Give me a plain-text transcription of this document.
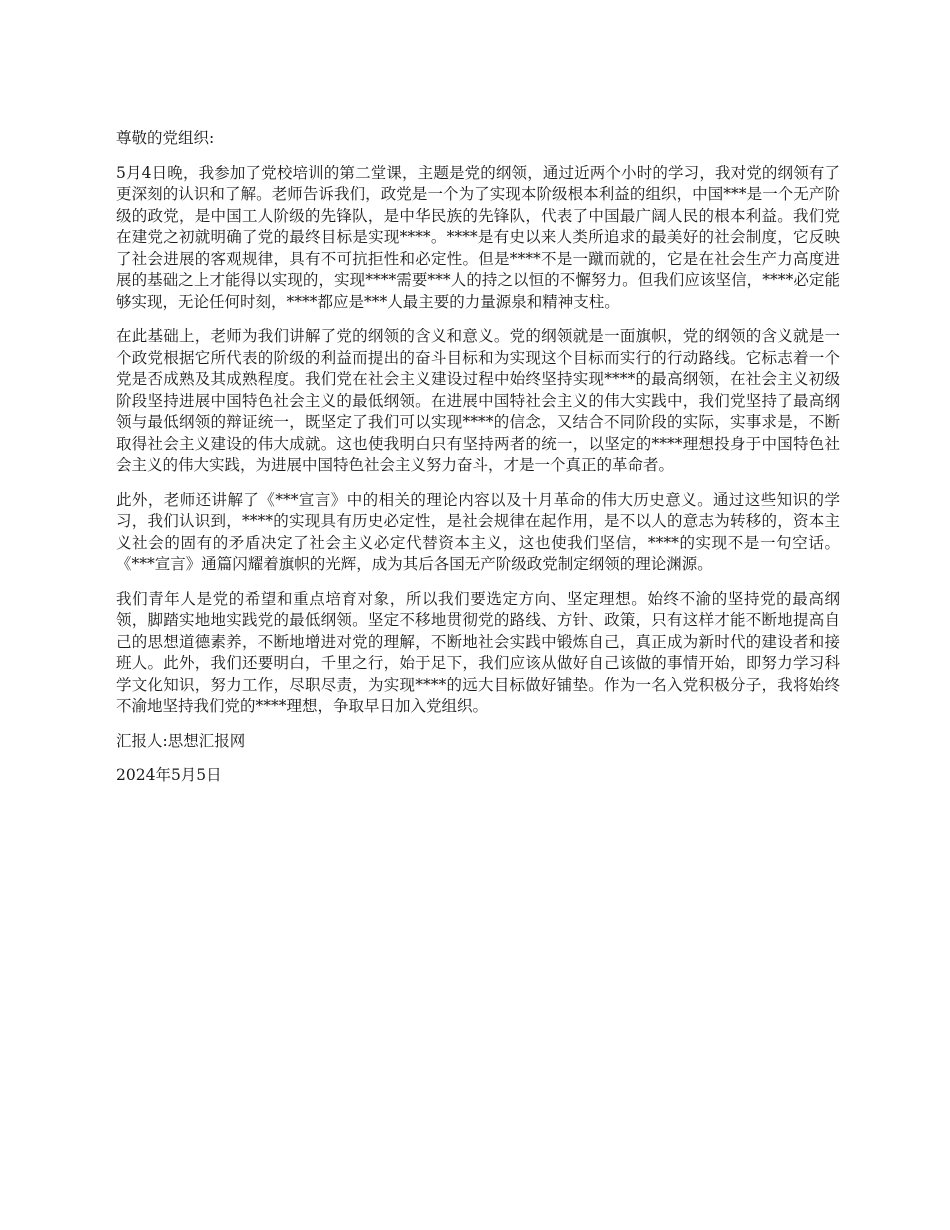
尊敬的党组织:

5月4日晚，我参加了党校培训的第二堂课，主题是党的纲领，通过近两个小时的学习，我对党的纲领有了更深刻的认识和了解。老师告诉我们，政党是一个为了实现本阶级根本利益的组织，中国***是一个无产阶级的政党，是中国工人阶级的先锋队，是中华民族的先锋队，代表了中国最广阔人民的根本利益。我们党在建党之初就明确了党的最终目标是实现****。****是有史以来人类所追求的最美好的社会制度，它反映了社会进展的客观规律，具有不可抗拒性和必定性。但是****不是一蹴而就的，它是在社会生产力高度进展的基础之上才能得以实现的，实现****需要***人的持之以恒的不懈努力。但我们应该坚信，****必定能够实现，无论任何时刻，****都应是***人最主要的力量源泉和精神支柱。

在此基础上，老师为我们讲解了党的纲领的含义和意义。党的纲领就是一面旗帜，党的纲领的含义就是一个政党根据它所代表的阶级的利益而提出的奋斗目标和为实现这个目标而实行的行动路线。它标志着一个党是否成熟及其成熟程度。我们党在社会主义建设过程中始终坚持实现****的最高纲领，在社会主义初级阶段坚持进展中国特色社会主义的最低纲领。在进展中国特社会主义的伟大实践中，我们党坚持了最高纲领与最低纲领的辩证统一，既坚定了我们可以实现****的信念，又结合不同阶段的实际，实事求是，不断取得社会主义建设的伟大成就。这也使我明白只有坚持两者的统一，以坚定的****理想投身于中国特色社会主义的伟大实践，为进展中国特色社会主义努力奋斗，才是一个真正的革命者。

此外，老师还讲解了《***宣言》中的相关的理论内容以及十月革命的伟大历史意义。通过这些知识的学习，我们认识到，****的实现具有历史必定性，是社会规律在起作用，是不以人的意志为转移的，资本主义社会的固有的矛盾决定了社会主义必定代替资本主义，这也使我们坚信，****的实现不是一句空话。《***宣言》通篇闪耀着旗帜的光辉，成为其后各国无产阶级政党制定纲领的理论渊源。

我们青年人是党的希望和重点培育对象，所以我们要选定方向、坚定理想。始终不渝的坚持党的最高纲领，脚踏实地地实践党的最低纲领。坚定不移地贯彻党的路线、方针、政策，只有这样才能不断地提高自己的思想道德素养，不断地增进对党的理解，不断地社会实践中锻炼自己，真正成为新时代的建设者和接班人。此外，我们还要明白，千里之行，始于足下，我们应该从做好自己该做的事情开始，即努力学习科学文化知识，努力工作，尽职尽责，为实现****的远大目标做好铺垫。作为一名入党积极分子，我将始终不渝地坚持我们党的****理想，争取早日加入党组织。

汇报人:思想汇报网

2024年5月5日
